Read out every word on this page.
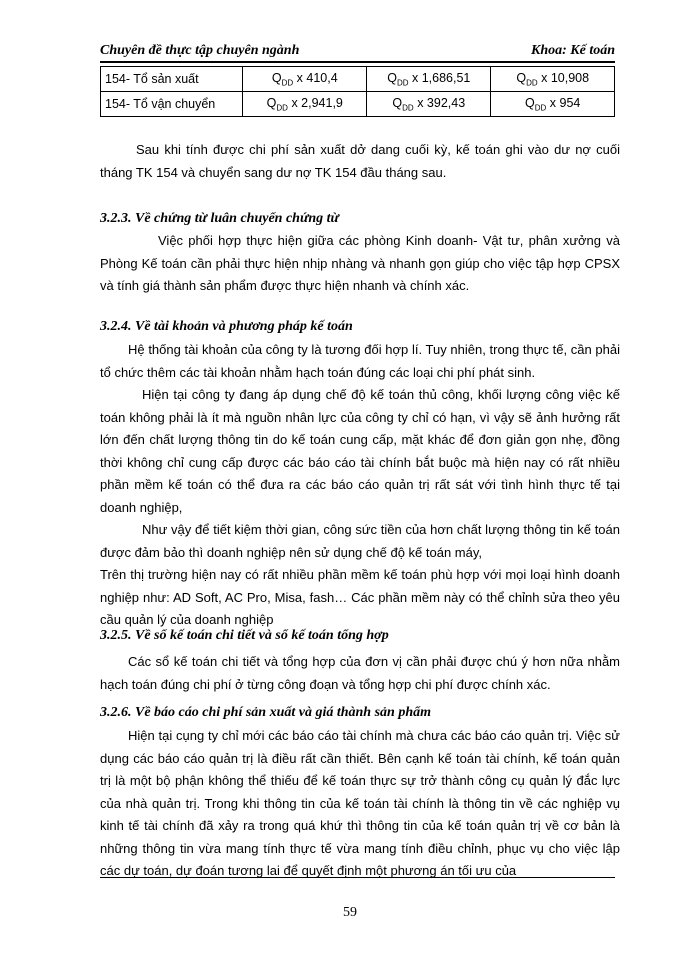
Chuyên đề thực tập chuyên ngành	Khoa: Kế toán
154- Tổ sản xuất	$Q_{DD}$ x 410,4	$Q_{DD}$ x 1,686,51	$Q_{DD}$ x 10,908
154- Tổ vận chuyển	$Q_{DD}$ x 2,941,9	$Q_{DD}$ x 392,43	$Q_{DD}$ x 954

Sau khi tính được chi phí sản xuất dở dang cuối kỳ, kế toán ghi vào dư nợ cuối tháng TK 154 và chuyển sang dư nợ TK 154 đầu tháng sau.

3.2.3. Về chứng từ luân chuyển chứng từ

Việc phối hợp thực hiện giữa các phòng Kinh doanh- Vật tư, phân xưởng và Phòng Kế toán cần phải thực hiện nhịp nhàng và nhanh gọn giúp cho việc tập hợp CPSX và tính giá thành sản phẩm được thực hiện nhanh và chính xác.

3.2.4. Về tài khoản và phương pháp kế toán

Hệ thống tài khoản của công ty là tương đối hợp lí. Tuy nhiên, trong thực tế, cần phải tổ chức thêm các tài khoản nhằm hạch toán đúng các loại chi phí phát sinh.

Hiện tại công ty đang áp dụng chế độ kế toán thủ công, khối lượng công việc kế toán không phải là ít mà nguồn nhân lực của công ty chỉ có hạn, vì vậy sẽ ảnh hưởng rất lớn đến chất lượng thông tin do kế toán cung cấp, mặt khác để đơn giản gọn nhẹ, đồng thời không chỉ cung cấp được các báo cáo tài chính bắt buộc mà hiện nay có rất nhiều phần mềm kế toán có thể đưa ra các báo cáo quản trị rất sát với tình hình thực tế tại doanh nghiệp,

Như vậy để tiết kiệm thời gian, công sức tiền của hơn chất lượng thông tin kế toán được đảm bảo thì doanh nghiệp nên sử dụng chế độ kế toán máy,

Trên thị trường hiện nay có rất nhiều phần mềm kế toán phù hợp với mọi loại hình doanh nghiệp như: AD Soft, AC Pro, Misa, fash… Các phần mềm này có thể chỉnh sửa theo yêu cầu quản lý của doanh nghiệp

3.2.5. Về sổ kế toán chi tiết và sổ kế toán tổng hợp

Các sổ kế toán chi tiết và tổng hợp của đơn vị cần phải được chú ý hơn nữa nhằm hạch toán đúng chi phí ở từng công đoạn và tổng hợp chi phí được chính xác.

3.2.6. Về báo cáo chi phí sản xuất và giá thành sản phẩm

Hiện tại cụng ty chỉ mới các báo cáo tài chính mà chưa các báo cáo quản trị. Việc sử dụng các báo cáo quản trị là điều rất cần thiết. Bên cạnh kế toán tài chính, kế toán quản trị là một bộ phận không thể thiếu để kế toán thực sự trở thành công cụ quản lý đắc lực của nhà quản trị. Trong khi thông tin của kế toán tài chính là thông tin về các nghiệp vụ kinh tế tài chính đã xảy ra trong quá khứ thì thông tin của kế toán quản trị về cơ bản là những thông tin vừa mang tính thực tế vừa mang tính điều chỉnh, phục vụ cho việc lập các dự toán, dự đoán tương lai để quyết định một phương án tối ưu của

59
